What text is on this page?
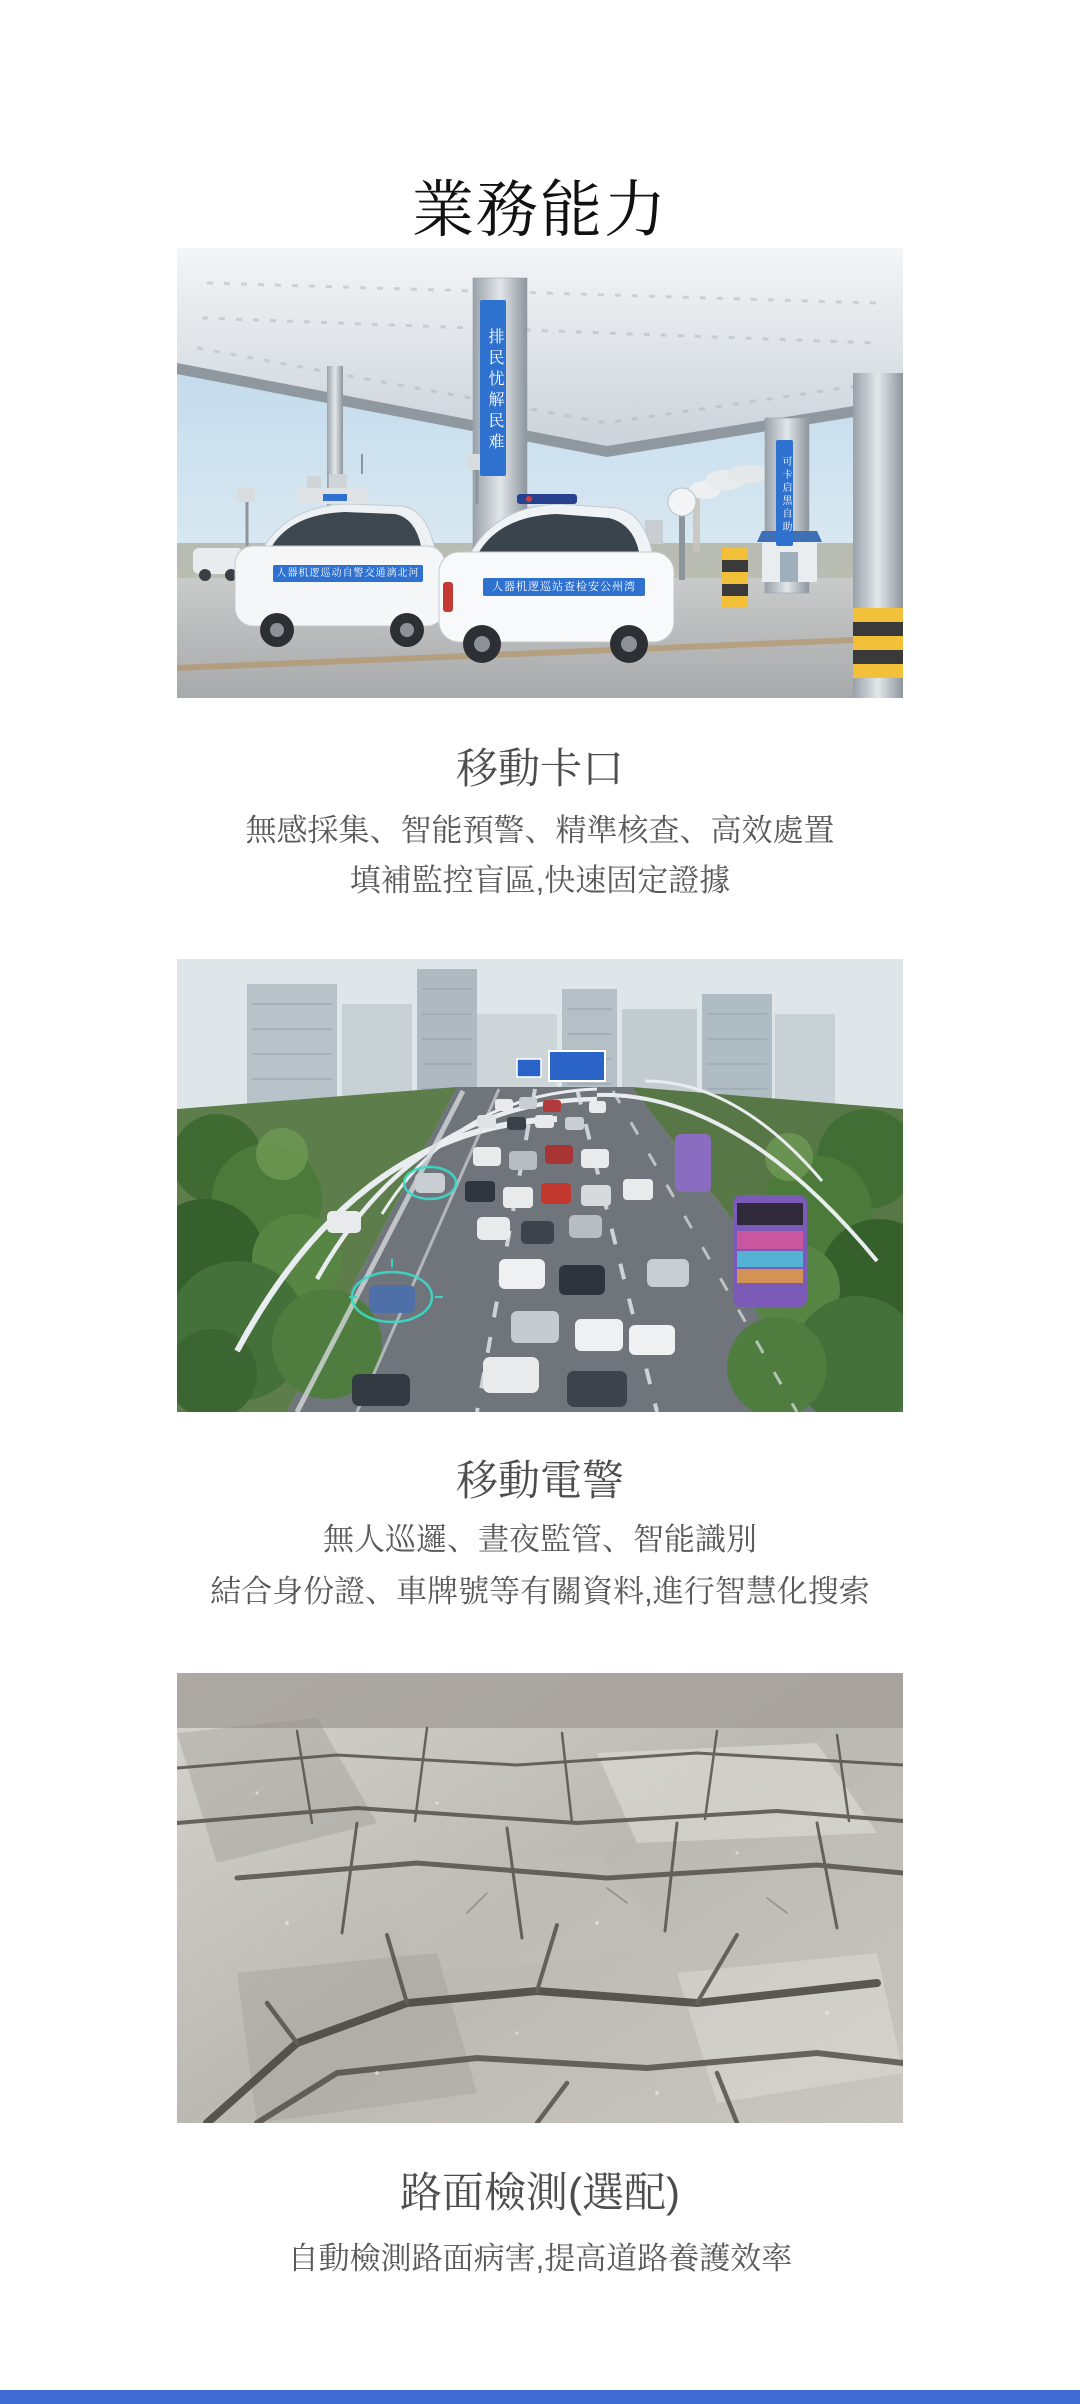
業務能力
排民忧解民难
可卡启黑自助
人器机逻巡动自警交通漓北河
人器机逻巡站查检安公州湾
移動卡口
無感採集、智能預警、精準核查、高效處置
填補監控盲區,快速固定證據
移動電警
無人巡邏、晝夜監管、智能識別
結合身份證、車牌號等有關資料,進行智慧化搜索
路面檢測(選配)
自動檢測路面病害,提高道路養護效率
